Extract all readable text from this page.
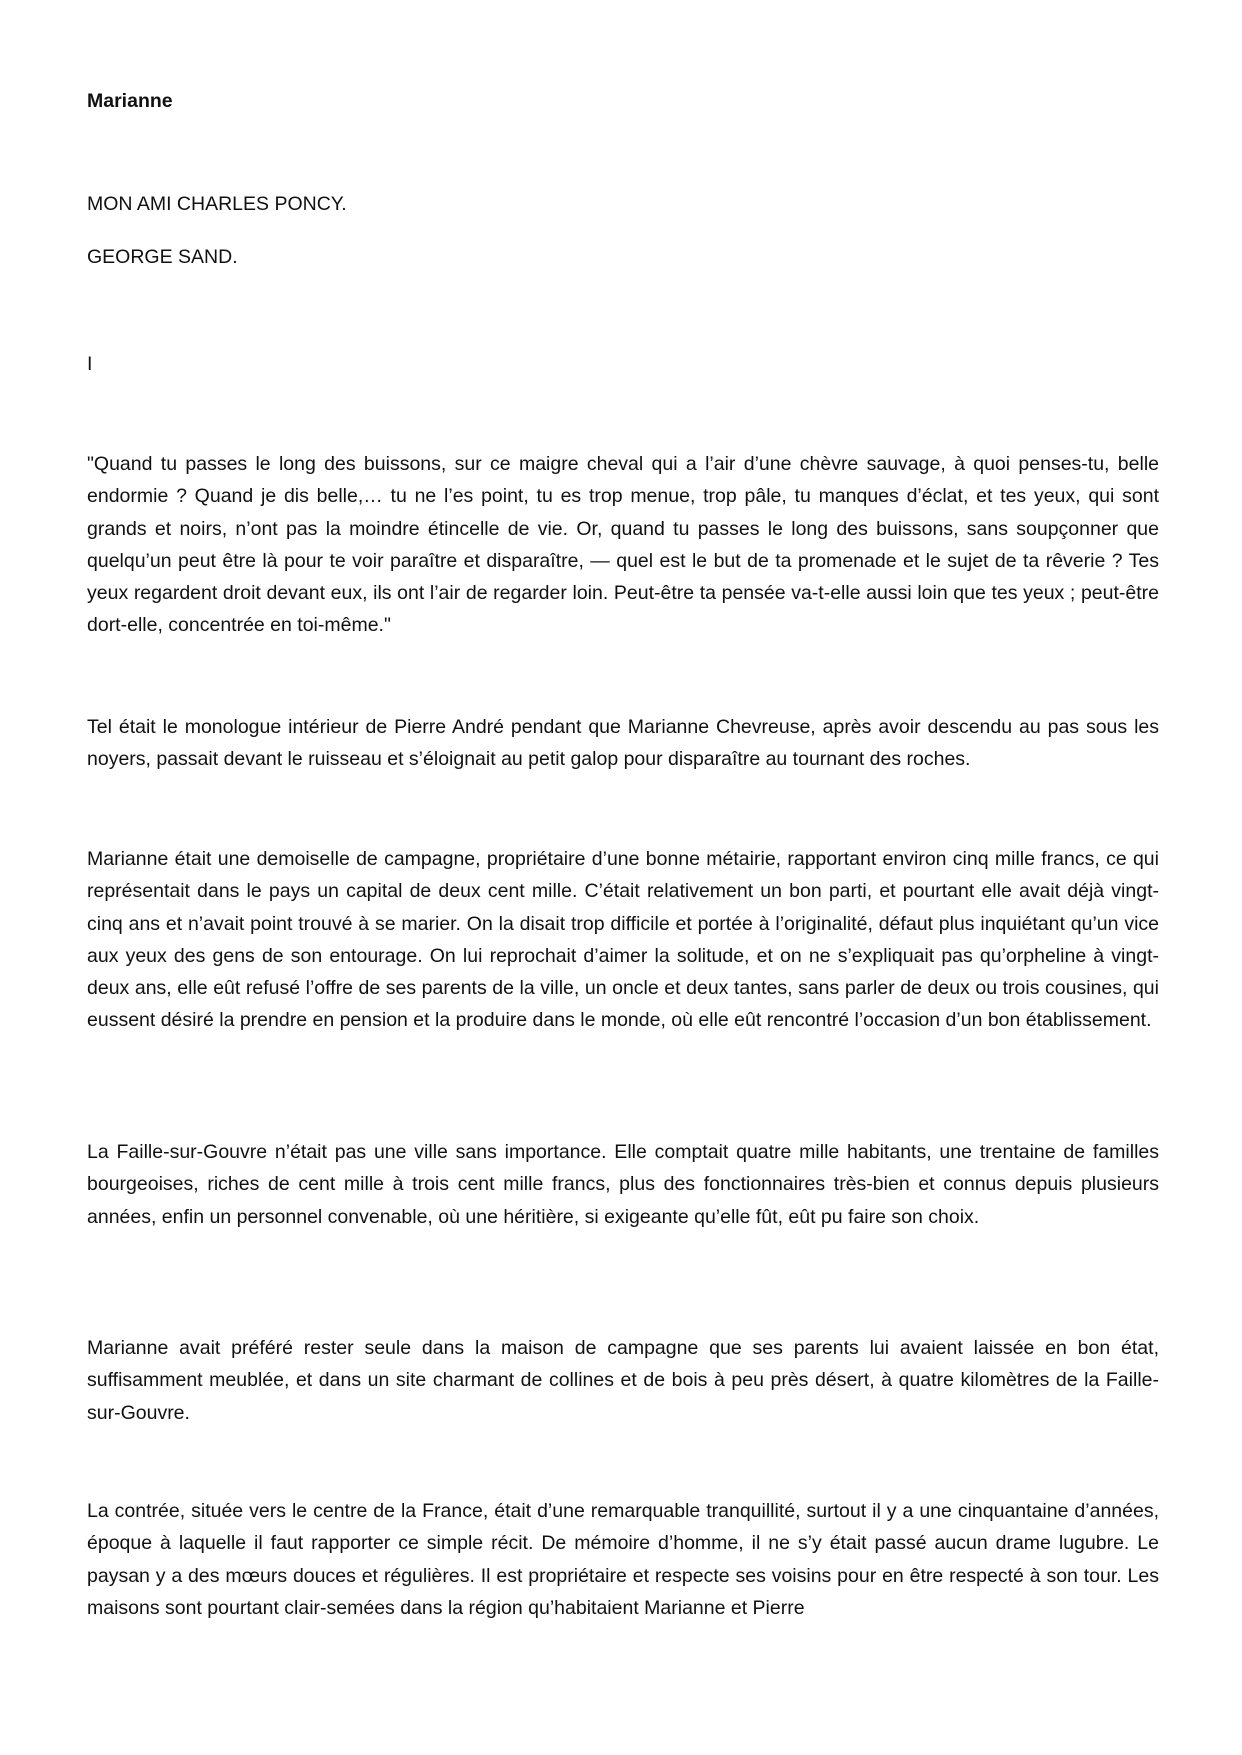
Marianne

MON AMI CHARLES PONCY.

GEORGE SAND.

I

"Quand tu passes le long des buissons, sur ce maigre cheval qui a l’air d’une chèvre sauvage, à quoi penses-tu, belle endormie ? Quand je dis belle,… tu ne l’es point, tu es trop menue, trop pâle, tu manques d’éclat, et tes yeux, qui sont grands et noirs, n’ont pas la moindre étincelle de vie. Or, quand tu passes le long des buissons, sans soupçonner que quelqu’un peut être là pour te voir paraître et disparaître, — quel est le but de ta promenade et le sujet de ta rêverie ? Tes yeux regardent droit devant eux, ils ont l’air de regarder loin. Peut-être ta pensée va-t-elle aussi loin que tes yeux ; peut-être dort-elle, concentrée en toi-même."

Tel était le monologue intérieur de Pierre André pendant que Marianne Chevreuse, après avoir descendu au pas sous les noyers, passait devant le ruisseau et s’éloignait au petit galop pour disparaître au tournant des roches.

Marianne était une demoiselle de campagne, propriétaire d’une bonne métairie, rapportant environ cinq mille francs, ce qui représentait dans le pays un capital de deux cent mille. C’était relativement un bon parti, et pourtant elle avait déjà vingt-cinq ans et n’avait point trouvé à se marier. On la disait trop difficile et portée à l’originalité, défaut plus inquiétant qu’un vice aux yeux des gens de son entourage. On lui reprochait d’aimer la solitude, et on ne s’expliquait pas qu’orpheline à vingt-deux ans, elle eût refusé l’offre de ses parents de la ville, un oncle et deux tantes, sans parler de deux ou trois cousines, qui eussent désiré la prendre en pension et la produire dans le monde, où elle eût rencontré l’occasion d’un bon établissement.

La Faille-sur-Gouvre n’était pas une ville sans importance. Elle comptait quatre mille habitants, une trentaine de familles bourgeoises, riches de cent mille à trois cent mille francs, plus des fonctionnaires très-bien et connus depuis plusieurs années, enfin un personnel convenable, où une héritière, si exigeante qu’elle fût, eût pu faire son choix.

Marianne avait préféré rester seule dans la maison de campagne que ses parents lui avaient laissée en bon état, suffisamment meublée, et dans un site charmant de collines et de bois à peu près désert, à quatre kilomètres de la Faille-sur-Gouvre.

La contrée, située vers le centre de la France, était d’une remarquable tranquillité, surtout il y a une cinquantaine d’années, époque à laquelle il faut rapporter ce simple récit. De mémoire d’homme, il ne s’y était passé aucun drame lugubre. Le paysan y a des mœurs douces et régulières. Il est propriétaire et respecte ses voisins pour en être respecté à son tour. Les maisons sont pourtant clair-semées dans la région qu’habitaient Marianne et Pierre
